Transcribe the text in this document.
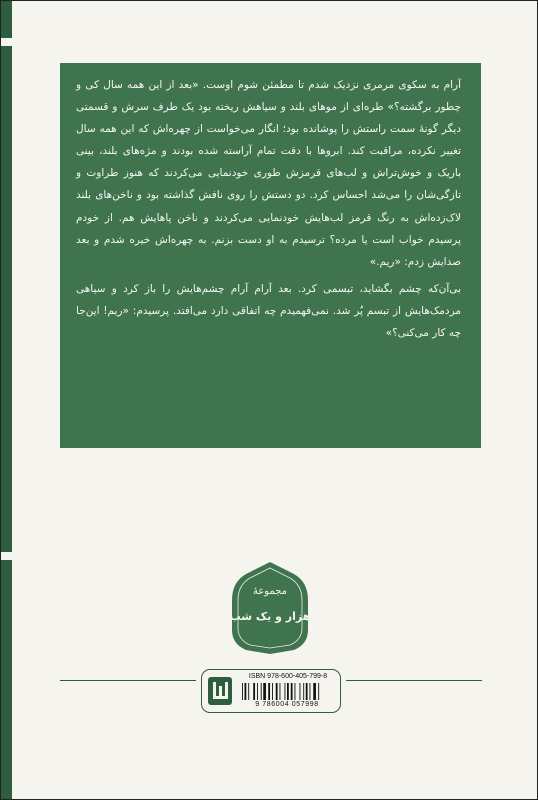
آرام به سکوی مرمری نزدیک شدم تا مطمئن شوم اوست. «بعد از این همه سال کی و چطور برگشته؟» طره‌ای از موهای بلند و سیاهش ریخته بود یک طرف سرش و قسمتی دیگر گونهٔ سمت راستش را پوشانده بود؛ انگار می‌خواست از چهره‌اش که این همه سال تغییر نکرده، مراقبت کند. ابروها با دقت تمام آراسته شده بودند و مژه‌های بلند، بینی باریک و خوش‌تراش و لب‌های قرمزش طوری خودنمایی می‌کردند که هنوز طراوت و تازگی‌شان را می‌شد احساس کرد. دو دستش را روی نافش گذاشته بود و ناخن‌های بلند لاک‌زده‌اش به رنگ قرمز لب‌هایش خودنمایی می‌کردند و ناخن پاهایش هم. از خودم پرسیدم خواب است یا مرده؟ ترسیدم به او دست بزنم. به چهره‌اش خیره شدم و بعد صدایش زدم: «ریم.»

بی‌آن‌که چشم بگشاید، تبسمی کرد. بعد آرام آرام چشم‌هایش را باز کرد و سیاهی مردمک‌هایش از تبسم پُر شد. نمی‌فهمیدم چه اتفاقی دارد می‌افتد. پرسیدم: «ریم! این‌جا چه کار می‌کنی؟»

مجموعهٔ
هزار و یک شب
ISBN 978-600-405-799-8
9 786004 057998
